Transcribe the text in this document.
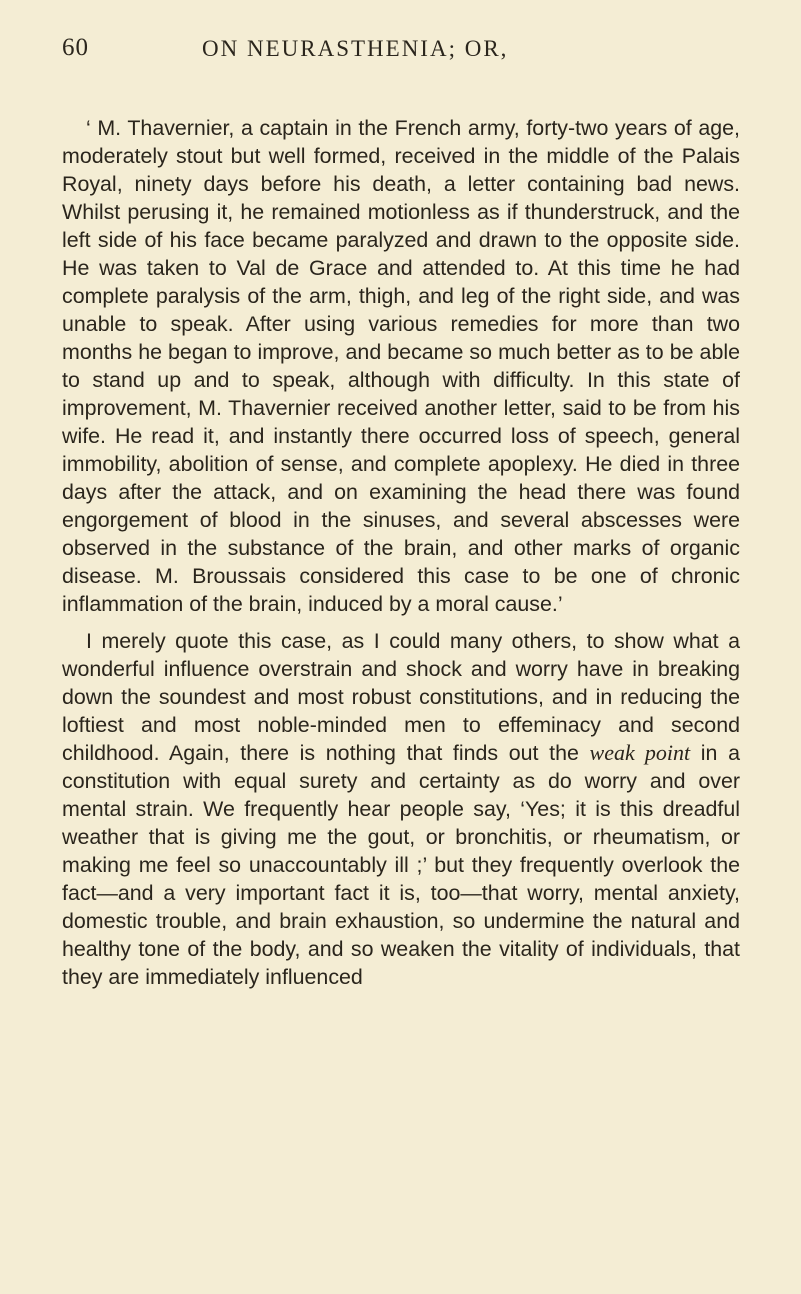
60	ON NEURASTHENIA; OR,

‘ M. Thavernier, a captain in the French army, forty-two years of age, moderately stout but well formed, received in the middle of the Palais Royal, ninety days before his death, a letter containing bad news. Whilst perusing it, he remained motionless as if thunderstruck, and the left side of his face became paralyzed and drawn to the opposite side. He was taken to Val de Grace and attended to. At this time he had complete paralysis of the arm, thigh, and leg of the right side, and was unable to speak. After using various remedies for more than two months he began to improve, and became so much better as to be able to stand up and to speak, although with difficulty. In this state of improvement, M. Thavernier received another letter, said to be from his wife. He read it, and instantly there occurred loss of speech, general immobility, abolition of sense, and complete apoplexy. He died in three days after the attack, and on examining the head there was found engorgement of blood in the sinuses, and several abscesses were observed in the substance of the brain, and other marks of organic disease. M. Broussais considered this case to be one of chronic inflammation of the brain, induced by a moral cause.’

I merely quote this case, as I could many others, to show what a wonderful influence overstrain and shock and worry have in breaking down the soundest and most robust constitutions, and in reducing the loftiest and most noble-minded men to effeminacy and second childhood. Again, there is nothing that finds out the weak point in a constitution with equal surety and certainty as do worry and over mental strain. We frequently hear people say, ‘Yes; it is this dreadful weather that is giving me the gout, or bronchitis, or rheumatism, or making me feel so unaccountably ill ;’ but they frequently overlook the fact—and a very important fact it is, too—that worry, mental anxiety, domestic trouble, and brain exhaustion, so undermine the natural and healthy tone of the body, and so weaken the vitality of individuals, that they are immediately influenced
